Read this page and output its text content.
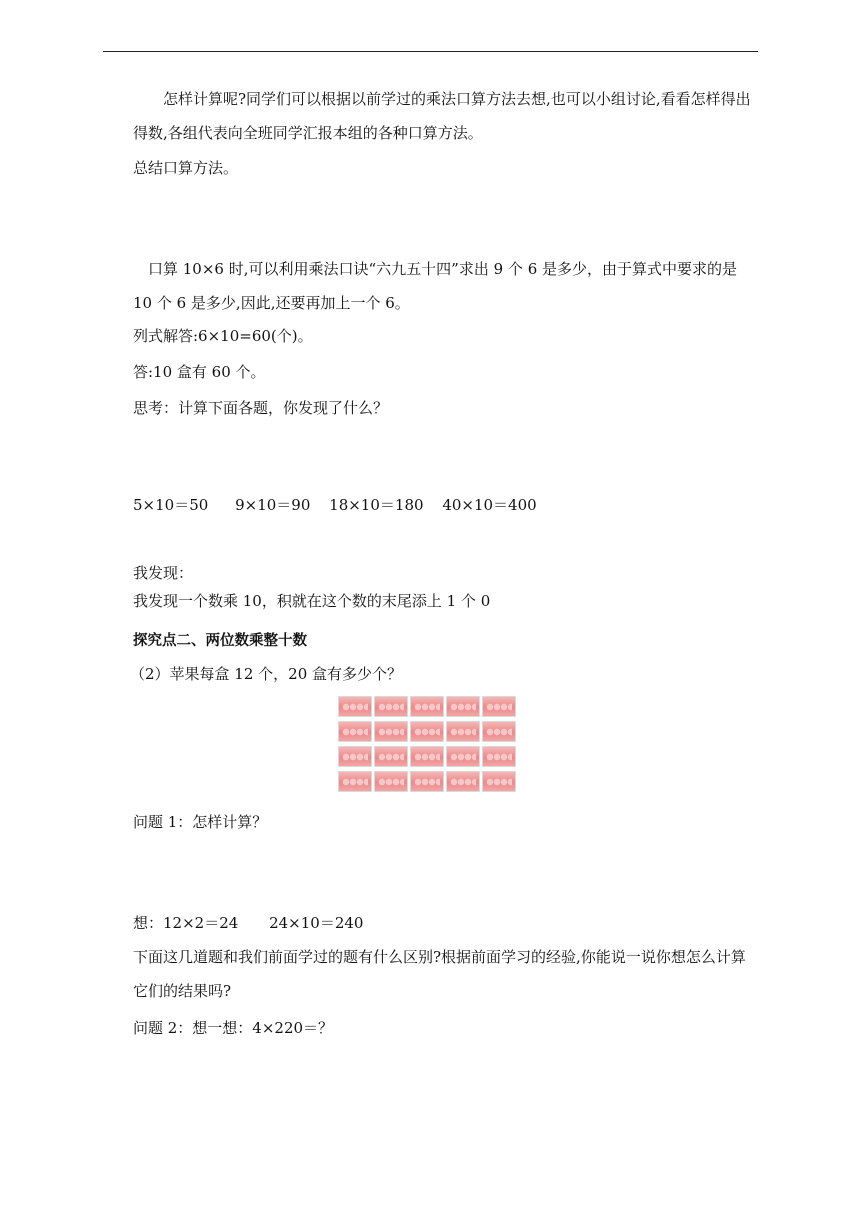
怎样计算呢?同学们可以根据以前学过的乘法口算方法去想,也可以小组讨论,看看怎样得出得数,各组代表向全班同学汇报本组的各种口算方法。
总结口算方法。
口算 10×6 时,可以利用乘法口诀“六九五十四”求出 9 个 6 是多少，由于算式中要求的是 10 个 6 是多少,因此,还要再加上一个 6。
列式解答:6×10=60(个)。
答:10 盒有 60 个。
思考：计算下面各题，你发现了什么？
5×10＝50 9×10＝90 18×10＝180 40×10＝400
我发现：
我发现一个数乘 10，积就在这个数的末尾添上 1 个 0
探究点二、两位数乘整十数
（2）苹果每盒 12 个，20 盒有多少个？
问题 1：怎样计算？
想：12×2＝24 24×10＝240
下面这几道题和我们前面学过的题有什么区别?根据前面学习的经验,你能说一说你想怎么计算它们的结果吗?
问题 2：想一想：4×220＝？
